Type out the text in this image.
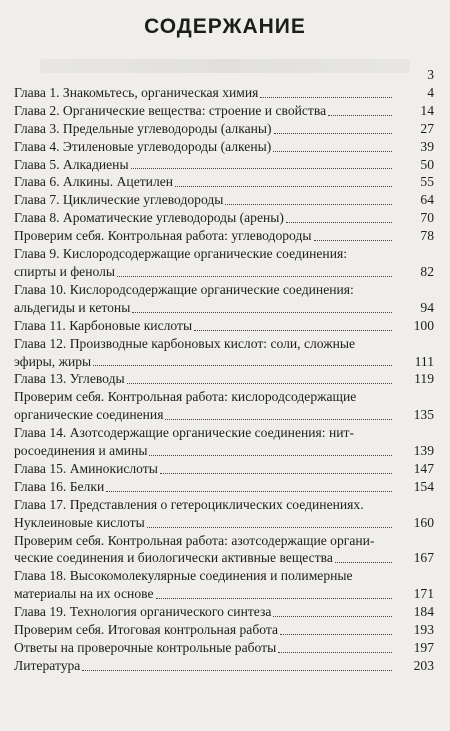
СОДЕРЖАНИЕ
3
Глава 1. Знакомьтесь, органическая химия	4
Глава 2. Органические вещества: строение и свойства	14
Глава 3. Предельные углеводороды (алканы)	27
Глава 4. Этиленовые углеводороды (алкены)	39
Глава 5. Алкадиены	50
Глава 6. Алкины. Ацетилен	55
Глава 7. Циклические углеводороды	64
Глава 8. Ароматические углеводороды (арены)	70
Проверим себя. Контрольная работа: углеводороды	78
Глава 9. Кислородсодержащие органические соединения:
спирты и фенолы	82
Глава 10. Кислородсодержащие органические соединения:
альдегиды и кетоны	94
Глава 11. Карбоновые кислоты	100
Глава 12. Производные карбоновых кислот: соли, сложные
эфиры, жиры	111
Глава 13. Углеводы	119
Проверим себя. Контрольная работа: кислородсодержащие
органические соединения	135
Глава 14. Азотсодержащие органические соединения: нит-
росоединения и амины	139
Глава 15. Аминокислоты	147
Глава 16. Белки	154
Глава 17. Представления о гетероциклических соединениях.
Нуклеиновые кислоты	160
Проверим себя. Контрольная работа: азотсодержащие органи-
ческие соединения и биологически активные вещества	167
Глава 18. Высокомолекулярные соединения и полимерные
материалы на их основе	171
Глава 19. Технология органического синтеза	184
Проверим себя. Итоговая контрольная работа	193
Ответы на проверочные контрольные работы	197
Литература	203
